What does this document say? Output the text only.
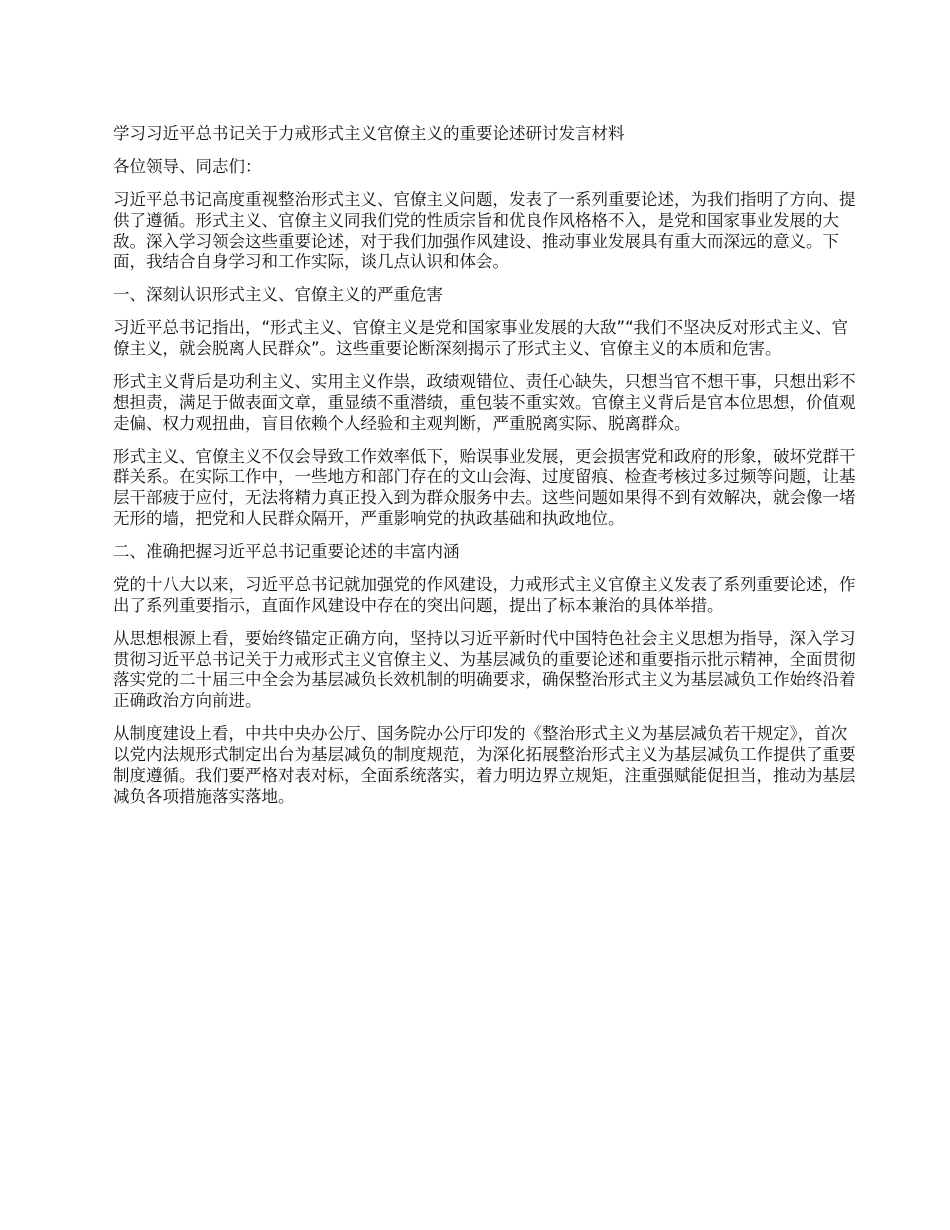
学习习近平总书记关于力戒形式主义官僚主义的重要论述研讨发言材料

各位领导、同志们：

习近平总书记高度重视整治形式主义、官僚主义问题，发表了一系列重要论述，为我们指明了方向、提供了遵循。形式主义、官僚主义同我们党的性质宗旨和优良作风格格不入，是党和国家事业发展的大敌。深入学习领会这些重要论述，对于我们加强作风建设、推动事业发展具有重大而深远的意义。下面，我结合自身学习和工作实际，谈几点认识和体会。

一、深刻认识形式主义、官僚主义的严重危害

习近平总书记指出，“形式主义、官僚主义是党和国家事业发展的大敌”“我们不坚决反对形式主义、官僚主义，就会脱离人民群众”。这些重要论断深刻揭示了形式主义、官僚主义的本质和危害。

形式主义背后是功利主义、实用主义作祟，政绩观错位、责任心缺失，只想当官不想干事，只想出彩不想担责，满足于做表面文章，重显绩不重潜绩，重包装不重实效。官僚主义背后是官本位思想，价值观走偏、权力观扭曲，盲目依赖个人经验和主观判断，严重脱离实际、脱离群众。

形式主义、官僚主义不仅会导致工作效率低下，贻误事业发展，更会损害党和政府的形象，破坏党群干群关系。在实际工作中，一些地方和部门存在的文山会海、过度留痕、检查考核过多过频等问题，让基层干部疲于应付，无法将精力真正投入到为群众服务中去。这些问题如果得不到有效解决，就会像一堵无形的墙，把党和人民群众隔开，严重影响党的执政基础和执政地位。

二、准确把握习近平总书记重要论述的丰富内涵

党的十八大以来，习近平总书记就加强党的作风建设，力戒形式主义官僚主义发表了系列重要论述，作出了系列重要指示，直面作风建设中存在的突出问题，提出了标本兼治的具体举措。

从思想根源上看，要始终锚定正确方向，坚持以习近平新时代中国特色社会主义思想为指导，深入学习贯彻习近平总书记关于力戒形式主义官僚主义、为基层减负的重要论述和重要指示批示精神，全面贯彻落实党的二十届三中全会为基层减负长效机制的明确要求，确保整治形式主义为基层减负工作始终沿着正确政治方向前进。

从制度建设上看，中共中央办公厅、国务院办公厅印发的《整治形式主义为基层减负若干规定》，首次以党内法规形式制定出台为基层减负的制度规范，为深化拓展整治形式主义为基层减负工作提供了重要制度遵循。我们要严格对表对标，全面系统落实，着力明边界立规矩，注重强赋能促担当，推动为基层减负各项措施落实落地。
